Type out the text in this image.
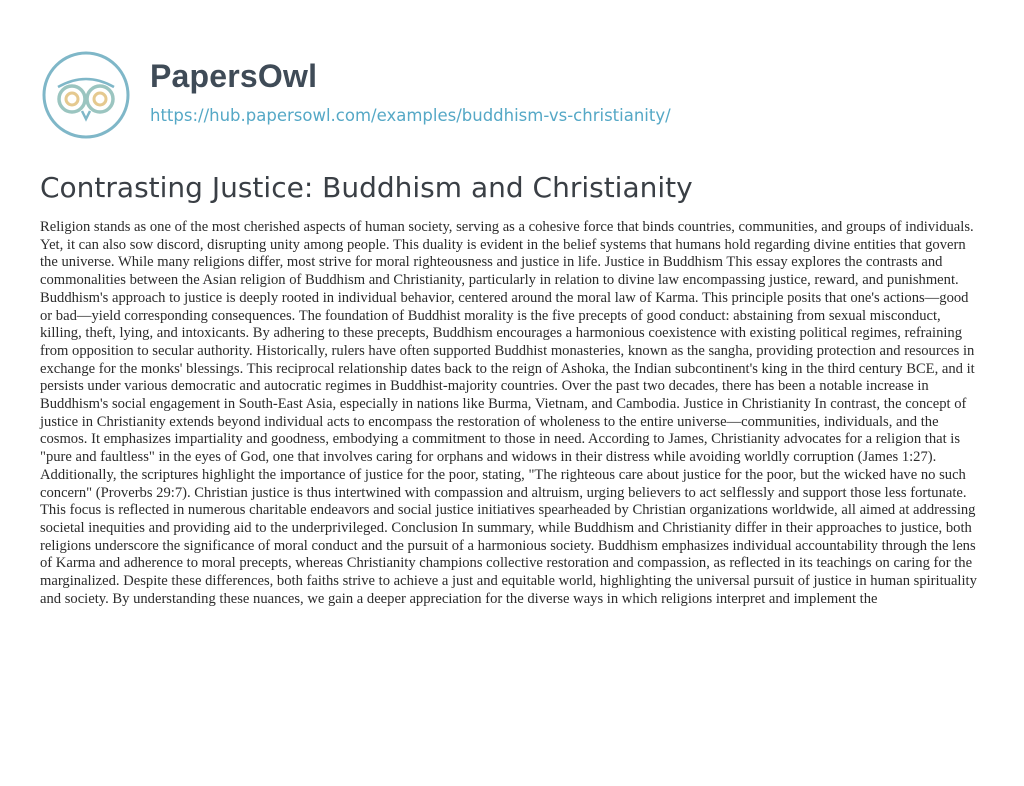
PapersOwl
https://hub.papersowl.com/examples/buddhism-vs-christianity/
Contrasting Justice: Buddhism and Christianity

Religion stands as one of the most cherished aspects of human society, serving as a cohesive force that binds countries, communities, and groups of individuals. Yet, it can also sow discord, disrupting unity among people. This duality is evident in the belief systems that humans hold regarding divine entities that govern the universe. While many religions differ, most strive for moral righteousness and justice in life. Justice in Buddhism This essay explores the contrasts and commonalities between the Asian religion of Buddhism and Christianity, particularly in relation to divine law encompassing justice, reward, and punishment. Buddhism's approach to justice is deeply rooted in individual behavior, centered around the moral law of Karma. This principle posits that one's actions—good or bad—yield corresponding consequences. The foundation of Buddhist morality is the five precepts of good conduct: abstaining from sexual misconduct, killing, theft, lying, and intoxicants. By adhering to these precepts, Buddhism encourages a harmonious coexistence with existing political regimes, refraining from opposition to secular authority. Historically, rulers have often supported Buddhist monasteries, known as the sangha, providing protection and resources in exchange for the monks' blessings. This reciprocal relationship dates back to the reign of Ashoka, the Indian subcontinent's king in the third century BCE, and it persists under various democratic and autocratic regimes in Buddhist-majority countries. Over the past two decades, there has been a notable increase in Buddhism's social engagement in South-East Asia, especially in nations like Burma, Vietnam, and Cambodia. Justice in Christianity In contrast, the concept of justice in Christianity extends beyond individual acts to encompass the restoration of wholeness to the entire universe—communities, individuals, and the cosmos. It emphasizes impartiality and goodness, embodying a commitment to those in need. According to James, Christianity advocates for a religion that is "pure and faultless" in the eyes of God, one that involves caring for orphans and widows in their distress while avoiding worldly corruption (James 1:27). Additionally, the scriptures highlight the importance of justice for the poor, stating, "The righteous care about justice for the poor, but the wicked have no such concern" (Proverbs 29:7). Christian justice is thus intertwined with compassion and altruism, urging believers to act selflessly and support those less fortunate. This focus is reflected in numerous charitable endeavors and social justice initiatives spearheaded by Christian organizations worldwide, all aimed at addressing societal inequities and providing aid to the underprivileged. Conclusion In summary, while Buddhism and Christianity differ in their approaches to justice, both religions underscore the significance of moral conduct and the pursuit of a harmonious society. Buddhism emphasizes individual accountability through the lens of Karma and adherence to moral precepts, whereas Christianity champions collective restoration and compassion, as reflected in its teachings on caring for the marginalized. Despite these differences, both faiths strive to achieve a just and equitable world, highlighting the universal pursuit of justice in human spirituality and society. By understanding these nuances, we gain a deeper appreciation for the diverse ways in which religions interpret and implement the
